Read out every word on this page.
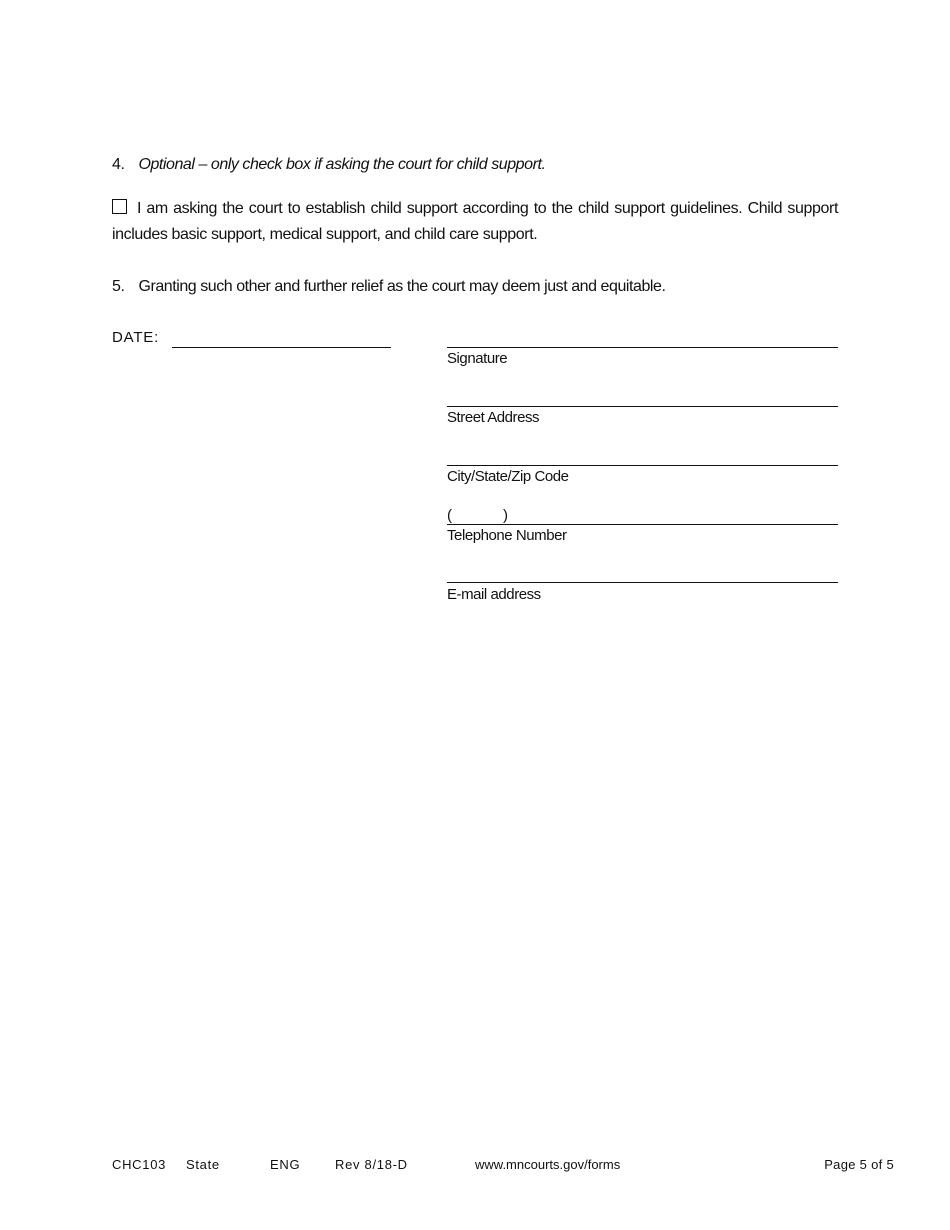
4. Optional – only check box if asking the court for child support.
I am asking the court to establish child support according to the child support guidelines. Child support includes basic support, medical support, and child care support.
5. Granting such other and further relief as the court may deem just and equitable.
DATE:
Signature
Street Address
City/State/Zip Code
(	)
Telephone Number
E-mail address
CHC103 State	ENG	Rev 8/18-D	www.mncourts.gov/forms	Page 5 of 5
